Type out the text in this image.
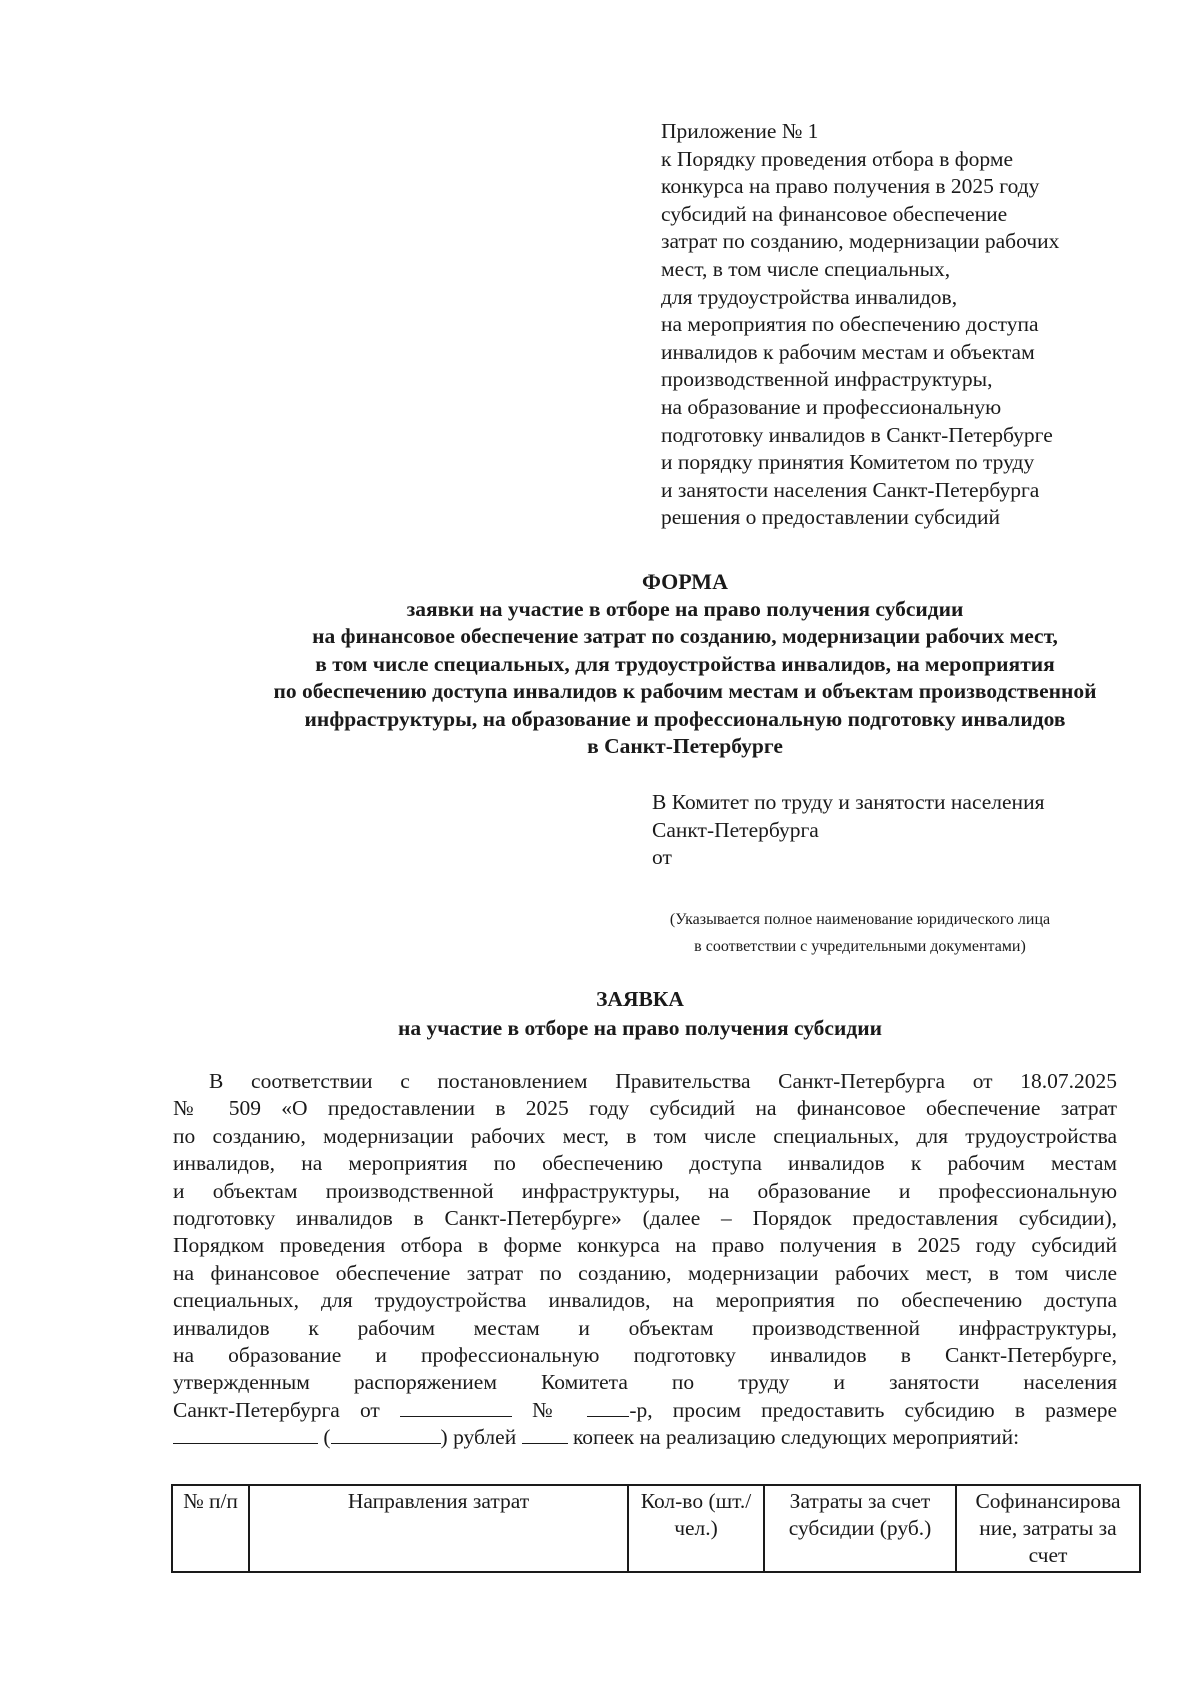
Приложение № 1
к Порядку проведения отбора в форме
конкурса на право получения в 2025 году
субсидий на финансовое обеспечение
затрат по созданию, модернизации рабочих
мест, в том числе специальных,
для трудоустройства инвалидов,
на мероприятия по обеспечению доступа
инвалидов к рабочим местам и объектам
производственной инфраструктуры,
на образование и профессиональную
подготовку инвалидов в Санкт-Петербурге
и порядку принятия Комитетом по труду
и занятости населения Санкт-Петербурга
решения о предоставлении субсидий
ФОРМА
заявки на участие в отборе на право получения субсидии
на финансовое обеспечение затрат по созданию, модернизации рабочих мест,
в том числе специальных, для трудоустройства инвалидов, на мероприятия
по обеспечению доступа инвалидов к рабочим местам и объектам производственной
инфраструктуры, на образование и профессиональную подготовку инвалидов
в Санкт-Петербурге
В Комитет по труду и занятости населения
Санкт-Петербурга
от
(Указывается полное наименование юридического лица
в соответствии с учредительными документами)
ЗАЯВКА
на участие в отборе на право получения субсидии
В соответствии с постановлением Правительства Санкт-Петербурга от 18.07.2025
№ 509 «О предоставлении в 2025 году субсидий на финансовое обеспечение затрат
по созданию, модернизации рабочих мест, в том числе специальных, для трудоустройства
инвалидов, на мероприятия по обеспечению доступа инвалидов к рабочим местам
и объектам производственной инфраструктуры, на образование и профессиональную
подготовку инвалидов в Санкт-Петербурге» (далее – Порядок предоставления субсидии),
Порядком проведения отбора в форме конкурса на право получения в 2025 году субсидий
на финансовое обеспечение затрат по созданию, модернизации рабочих мест, в том числе
специальных, для трудоустройства инвалидов, на мероприятия по обеспечению доступа
инвалидов к рабочим местам и объектам производственной инфраструктуры,
на образование и профессиональную подготовку инвалидов в Санкт-Петербурге,
утвержденным распоряжением Комитета по труду и занятости населения
Санкт-Петербурга от	№	-р, просим предоставить субсидию в размере
(	) рублей	копеек на реализацию следующих мероприятий:
№ п/п	Направления затрат	Кол-во (шт./чел.)	Затраты за счет субсидии (руб.)	Софинансирова ние, затраты за счет
